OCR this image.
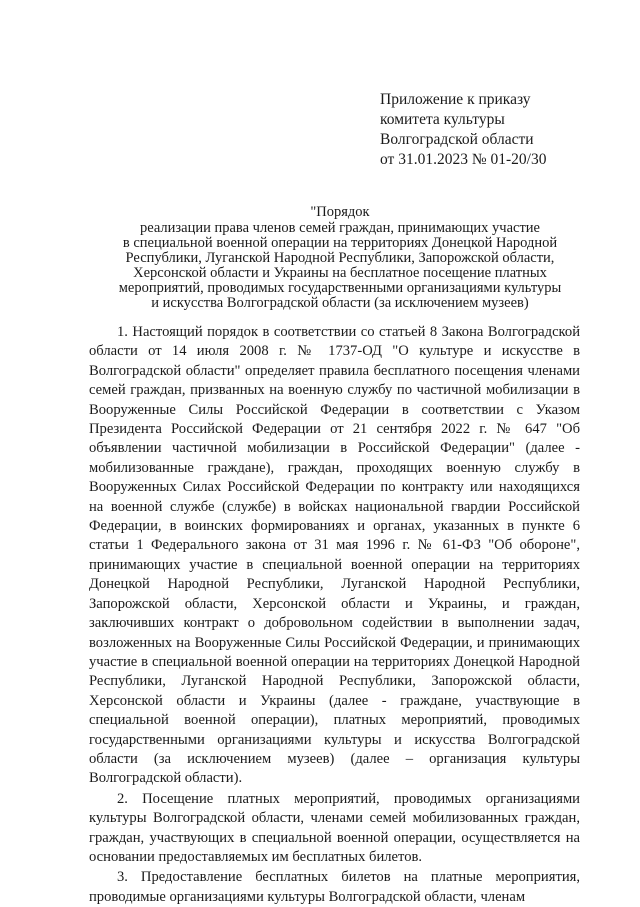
Приложение к приказу
комитета культуры
Волгоградской области
от 31.01.2023 № 01-20/30
"Порядок
реализации права членов семей граждан, принимающих участие
в специальной военной операции на территориях Донецкой Народной
Республики, Луганской Народной Республики, Запорожской области,
Херсонской области и Украины на бесплатное посещение платных
мероприятий, проводимых государственными организациями культуры
и искусства Волгоградской области (за исключением музеев)

1. Настоящий порядок в соответствии со статьей 8 Закона Волгоградской области от 14 июля 2008 г. № 1737-ОД "О культуре и искусстве в Волгоградской области" определяет правила бесплатного посещения членами семей граждан, призванных на военную службу по частичной мобилизации в Вооруженные Силы Российской Федерации в соответствии с Указом Президента Российской Федерации от 21 сентября 2022 г. № 647 "Об объявлении частичной мобилизации в Российской Федерации" (далее - мобилизованные граждане), граждан, проходящих военную службу в Вооруженных Силах Российской Федерации по контракту или находящихся на военной службе (службе) в войсках национальной гвардии Российской Федерации, в воинских формированиях и органах, указанных в пункте 6 статьи 1 Федерального закона от 31 мая 1996 г. № 61-ФЗ "Об обороне", принимающих участие в специальной военной операции на территориях Донецкой Народной Республики, Луганской Народной Республики, Запорожской области, Херсонской области и Украины, и граждан, заключивших контракт о добровольном содействии в выполнении задач, возложенных на Вооруженные Силы Российской Федерации, и принимающих участие в специальной военной операции на территориях Донецкой Народной Республики, Луганской Народной Республики, Запорожской области, Херсонской области и Украины (далее - граждане, участвующие в специальной военной операции), платных мероприятий, проводимых государственными организациями культуры и искусства Волгоградской области (за исключением музеев) (далее – организация культуры Волгоградской области).

2. Посещение платных мероприятий, проводимых организациями культуры Волгоградской области, членами семей мобилизованных граждан, граждан, участвующих в специальной военной операции, осуществляется на основании предоставляемых им бесплатных билетов.

3. Предоставление бесплатных билетов на платные мероприятия, проводимые организациями культуры Волгоградской области, членам
